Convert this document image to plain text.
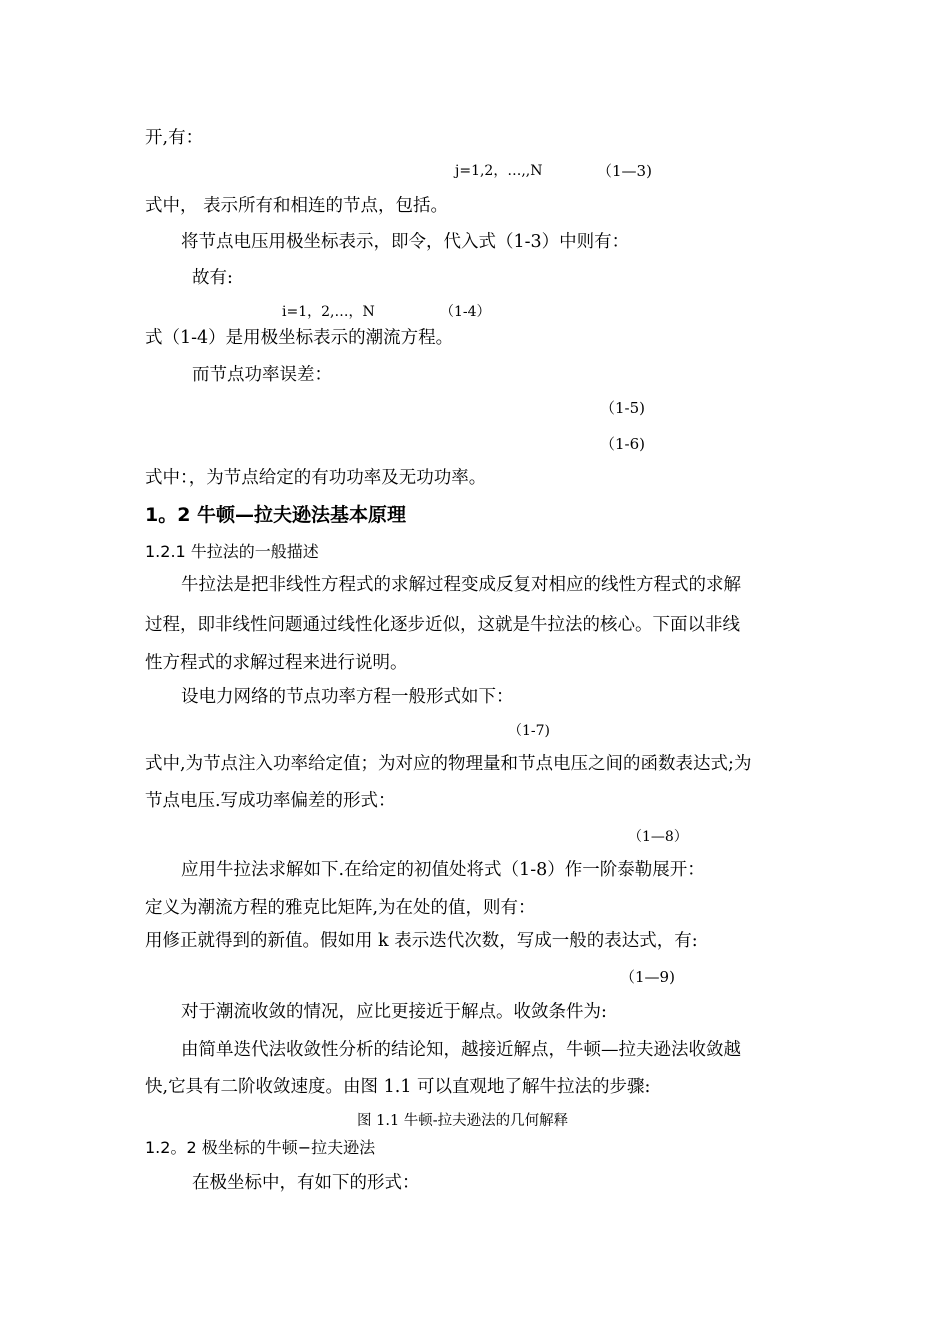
开,有：
j=1,2，…,,N	（1—3)
式中， 表示所有和相连的节点，包括。
将节点电压用极坐标表示，即令，代入式（1-3）中则有：
故有:
i=1，2,…，N	（1-4）
式（1-4）是用极坐标表示的潮流方程。
而节点功率误差：
（1-5)
（1-6)
式中：，为节点给定的有功功率及无功功率。
1。2 牛顿—拉夫逊法基本原理
1.2.1 牛拉法的一般描述
牛拉法是把非线性方程式的求解过程变成反复对相应的线性方程式的求解
过程，即非线性问题通过线性化逐步近似，这就是牛拉法的核心。下面以非线
性方程式的求解过程来进行说明。
设电力网络的节点功率方程一般形式如下：
（1-7)
式中,为节点注入功率给定值；为对应的物理量和节点电压之间的函数表达式;为
节点电压.写成功率偏差的形式：
（1—8）
应用牛拉法求解如下.在给定的初值处将式（1-8）作一阶泰勒展开：
定义为潮流方程的雅克比矩阵,为在处的值，则有：
用修正就得到的新值。假如用 k 表示迭代次数，写成一般的表达式，有:
（1—9)
对于潮流收敛的情况，应比更接近于解点。收敛条件为:
由简单迭代法收敛性分析的结论知，越接近解点，牛顿—拉夫逊法收敛越
快,它具有二阶收敛速度。由图 1.1 可以直观地了解牛拉法的步骤:
图 1.1 牛顿-拉夫逊法的几何解释
1.2。2 极坐标的牛顿−拉夫逊法
在极坐标中，有如下的形式：
